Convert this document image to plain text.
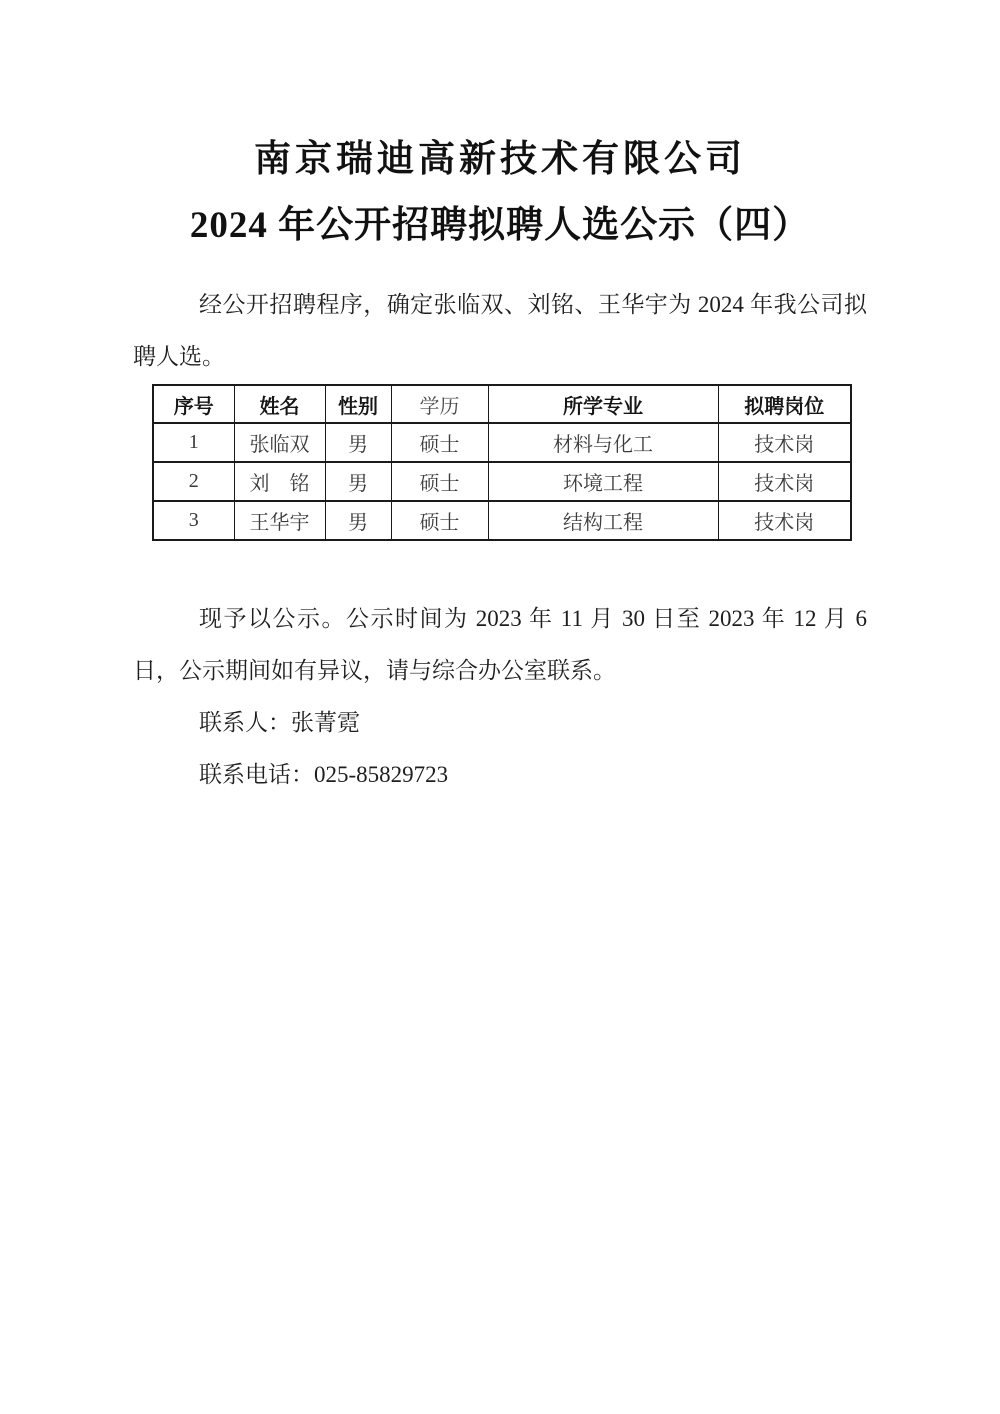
南京瑞迪高新技术有限公司
2024 年公开招聘拟聘人选公示（四）

经公开招聘程序，确定张临双、刘铭、王华宇为 2024 年我公司拟聘人选。

序号	姓名	性别	学历	所学专业	拟聘岗位
1	张临双	男	硕士	材料与化工	技术岗
2	刘　铭	男	硕士	环境工程	技术岗
3	王华宇	男	硕士	结构工程	技术岗

现予以公示。公示时间为 2023 年 11 月 30 日至 2023 年 12 月 6 日，公示期间如有异议，请与综合办公室联系。

联系人：张菁霓
联系电话：025-85829723
